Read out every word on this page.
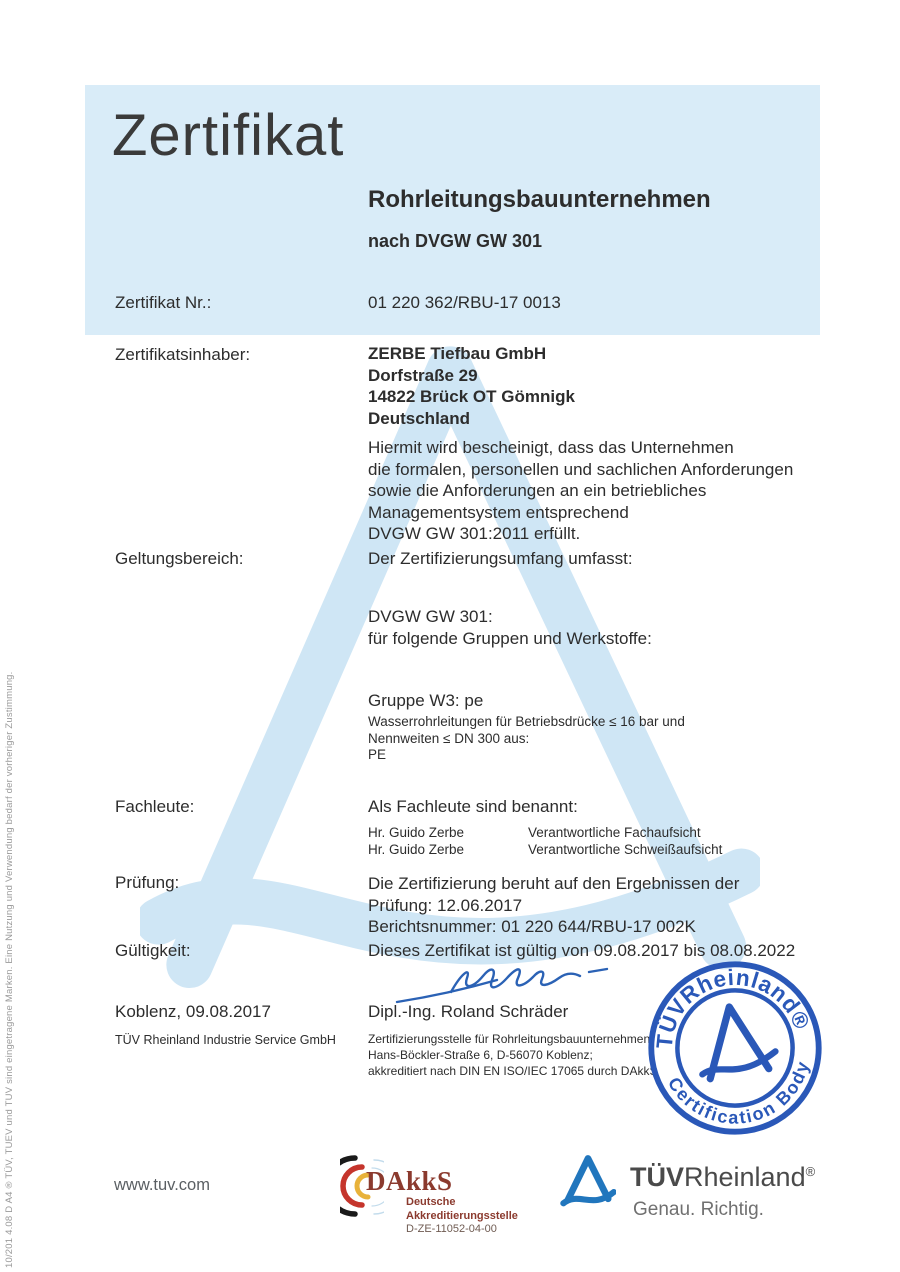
Zertifikat
Rohrleitungsbauunternehmen
nach DVGW GW 301
Zertifikat Nr.:	01 220 362/RBU-17 0013
Zertifikatsinhaber:	ZERBE Tiefbau GmbH

Dorfstraße 29

14822 Brück OT Gömnigk

Deutschland

Hiermit wird bescheinigt, dass das Unternehmen

die formalen, personellen und sachlichen Anforderungen

sowie die Anforderungen an ein betriebliches

Managementsystem entsprechend

DVGW GW 301:2011 erfüllt.

Geltungsbereich:	Der Zertifizierungsumfang umfasst:

DVGW GW 301:

für folgende Gruppen und Werkstoffe:

Gruppe W3: pe

Wasserrohrleitungen für Betriebsdrücke ≤ 16 bar und

Nennweiten ≤ DN 300 aus:

PE

Fachleute:	Als Fachleute sind benannt:
Hr. Guido Zerbe	Verantwortliche Fachaufsicht
Hr. Guido Zerbe	Verantwortliche Schweißaufsicht
Prüfung:	Die Zertifizierung beruht auf den Ergebnissen der

Prüfung: 12.06.2017

Berichtsnummer: 01 220 644/RBU-17 002K

Gültigkeit:	Dieses Zertifikat ist gültig von 09.08.2017 bis 08.08.2022
Koblenz, 09.08.2017	Dipl.-Ing. Roland Schräder
TÜV Rheinland Industrie Service GmbH	Zertifizierungsstelle für Rohrleitungsbauunternehmen

Hans-Böckler-Straße 6, D-56070 Koblenz;

akkreditiert nach DIN EN ISO/IEC 17065 durch DAkkS

TÜVRheinland®
Certification Body
www.tuv.com	DAkkS

Deutsche

Akkreditierungsstelle

D-ZE-11052-04-00

TÜVRheinland®
Genau. Richtig.
10/201 4.08 D A4 ® TÜV, TUEV und TUV sind eingetragene Marken. Eine Nutzung und Verwendung bedarf der vorheriger Zustimmung.
